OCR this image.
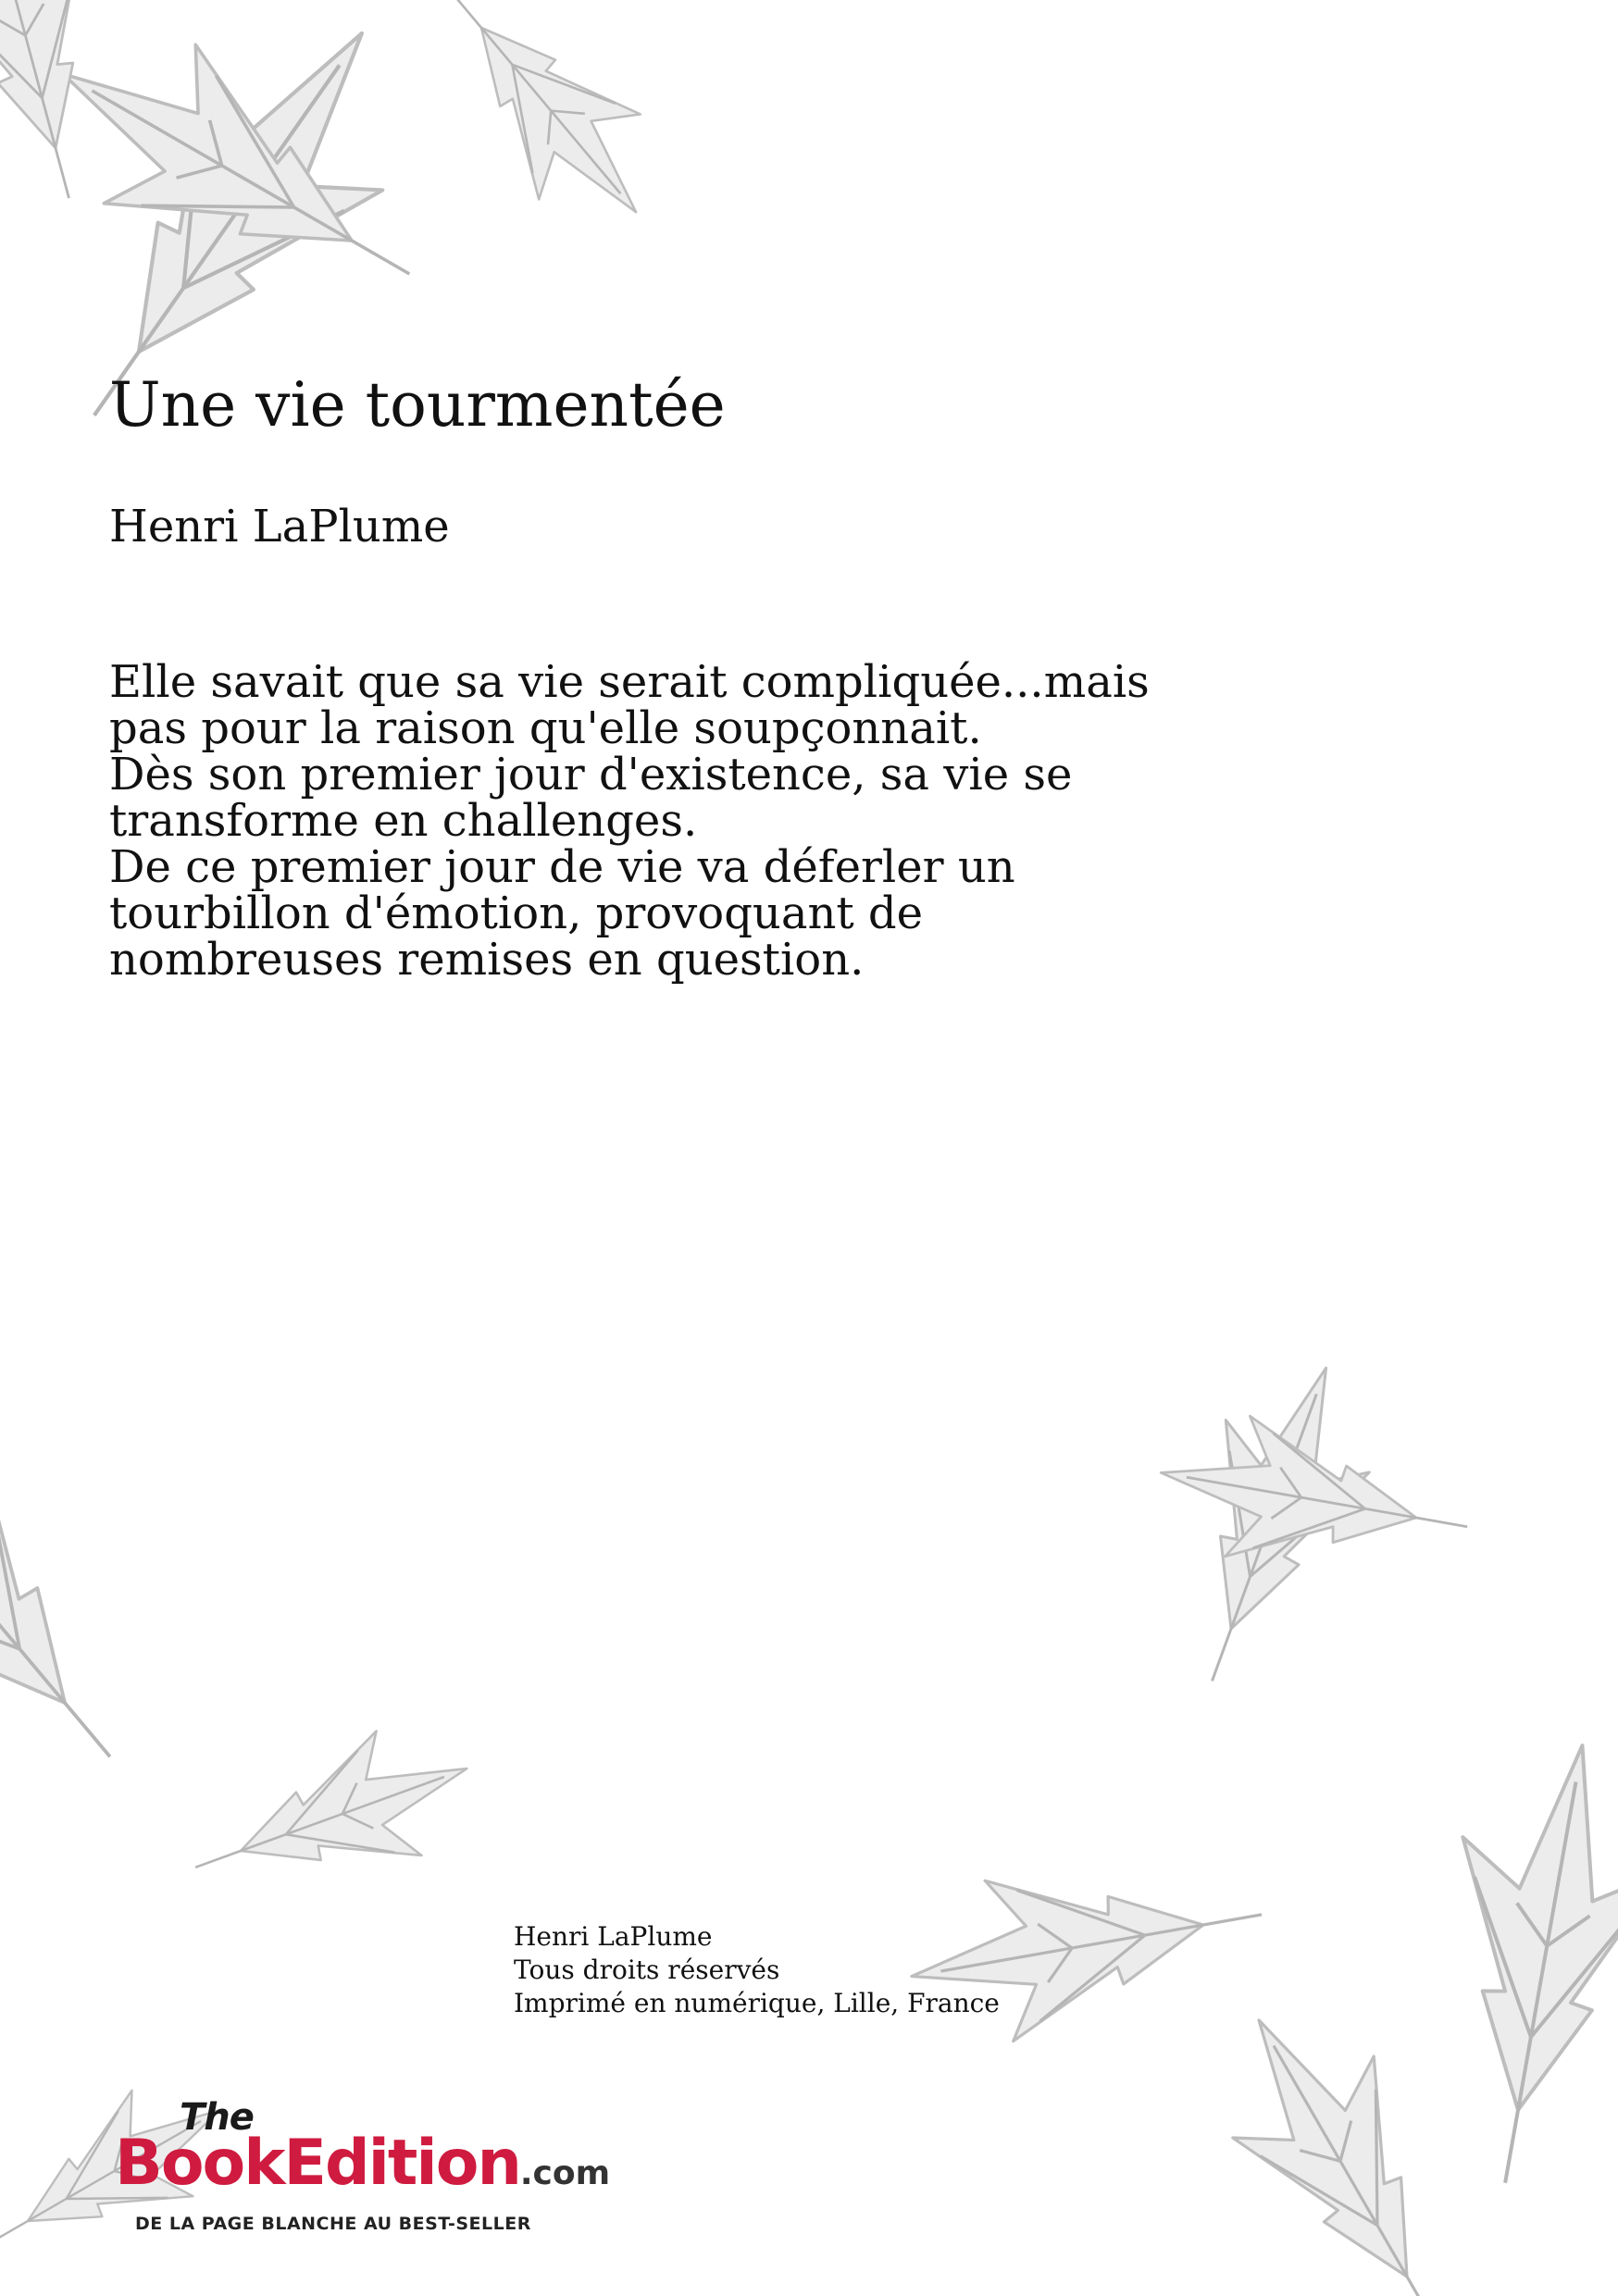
Une vie tourmentée
Henri LaPlume

Elle savait que sa vie serait compliquée...mais
pas pour la raison qu'elle soupçonnait.
Dès son premier jour d'existence, sa vie se
transforme en challenges.
De ce premier jour de vie va déferler un
tourbillon d'émotion, provoquant de
nombreuses remises en question.

Henri LaPlume
Tous droits réservés
Imprimé en numérique, Lille, France
The
BookEdition.com
DE LA PAGE BLANCHE AU BEST-SELLER
